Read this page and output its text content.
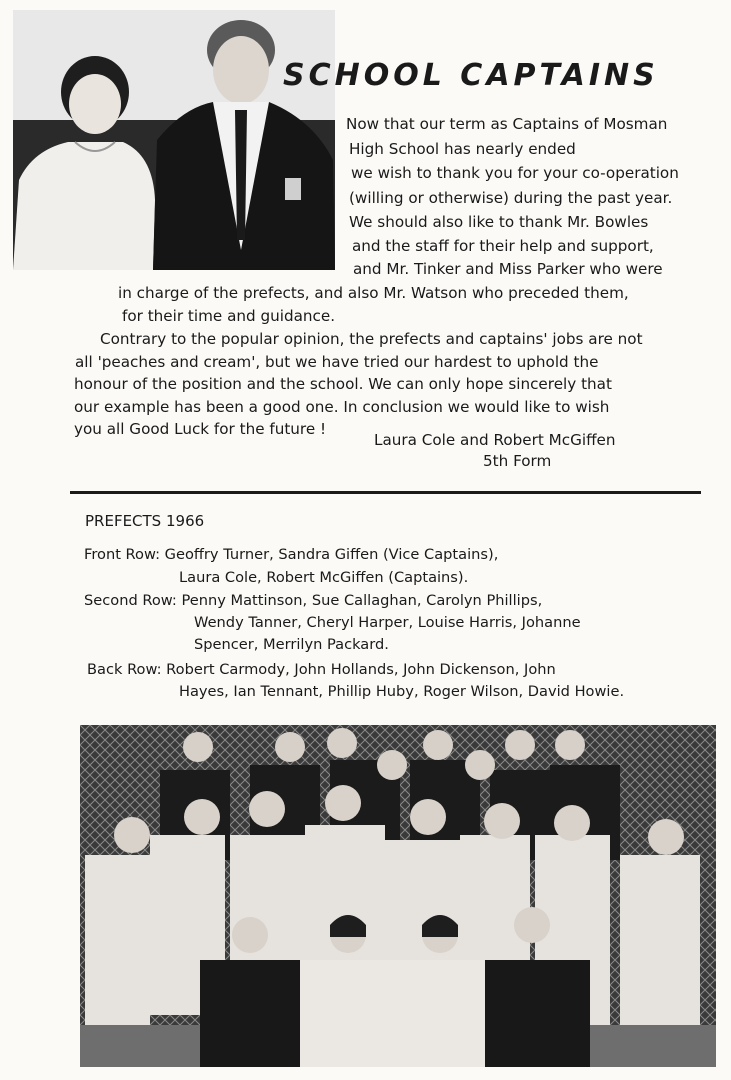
SCHOOL CAPTAINS
Now that our term as Captains of Mosman
High School has nearly ended
we wish to thank you for your co-operation
(willing or otherwise) during the past year.
We should also like to thank Mr. Bowles
and the staff for their help and support,
and Mr. Tinker and Miss Parker who were
in charge of the prefects, and also Mr. Watson who preceded them,
for their time and guidance.
Contrary to the popular opinion, the prefects and captains' jobs are not
all 'peaches and cream', but we have tried our hardest to uphold the
honour of the position and the school. We can only hope sincerely that
our example has been a good one. In conclusion we would like to wish
you all Good Luck for the future !
Laura Cole and Robert McGiffen
5th Form
PREFECTS 1966
Front Row: Geoffry Turner, Sandra Giffen (Vice Captains),
Laura Cole, Robert McGiffen (Captains).
Second Row: Penny Mattinson, Sue Callaghan, Carolyn Phillips,
Wendy Tanner, Cheryl Harper, Louise Harris, Johanne
Spencer, Merrilyn Packard.
Back Row: Robert Carmody, John Hollands, John Dickenson, John
Hayes, Ian Tennant, Phillip Huby, Roger Wilson, David Howie.
